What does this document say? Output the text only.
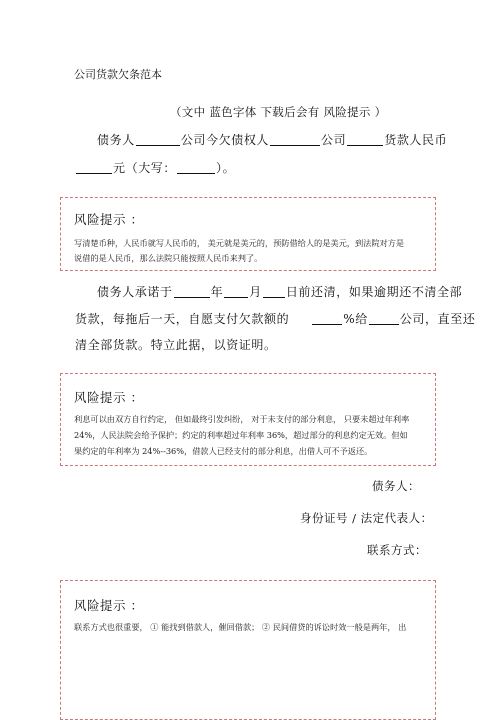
公司货款欠条范本
（文中 蓝色字体 下载后会有 风险提示 ）
债务人	公司今欠债权人	公司	货款人民币
元（大写：	）。
风险提示 ：
写清楚币种，人民币就写人民币的， 美元就是美元的，预防借给人的是美元，到法院对方是
说借的是人民币，那么法院只能按照人民币来判了。
债务人承诺于	年 月 日前还清，如果逾期还不清全部
货款，每拖后一天，自愿支付欠款额的	%给	公司，直至还
清全部货款。特立此据，以资证明。
风险提示 ：
利息可以由双方自行约定， 但如最终引发纠纷， 对于未支付的部分利息， 只要未超过年利率
24%，人民法院会给予保护；约定的利率超过年利率 36%，超过部分的利息约定无效。但如
果约定的年利率为 24%--36%，借款人已经支付的部分利息，出借人可不予返还。
债务人：
身份证号 / 法定代表人：
联系方式：
风险提示 ：
联系方式也很重要， ① 能找到借款人，催回借款； ② 民间借贷的诉讼时效一般是两年， 出
